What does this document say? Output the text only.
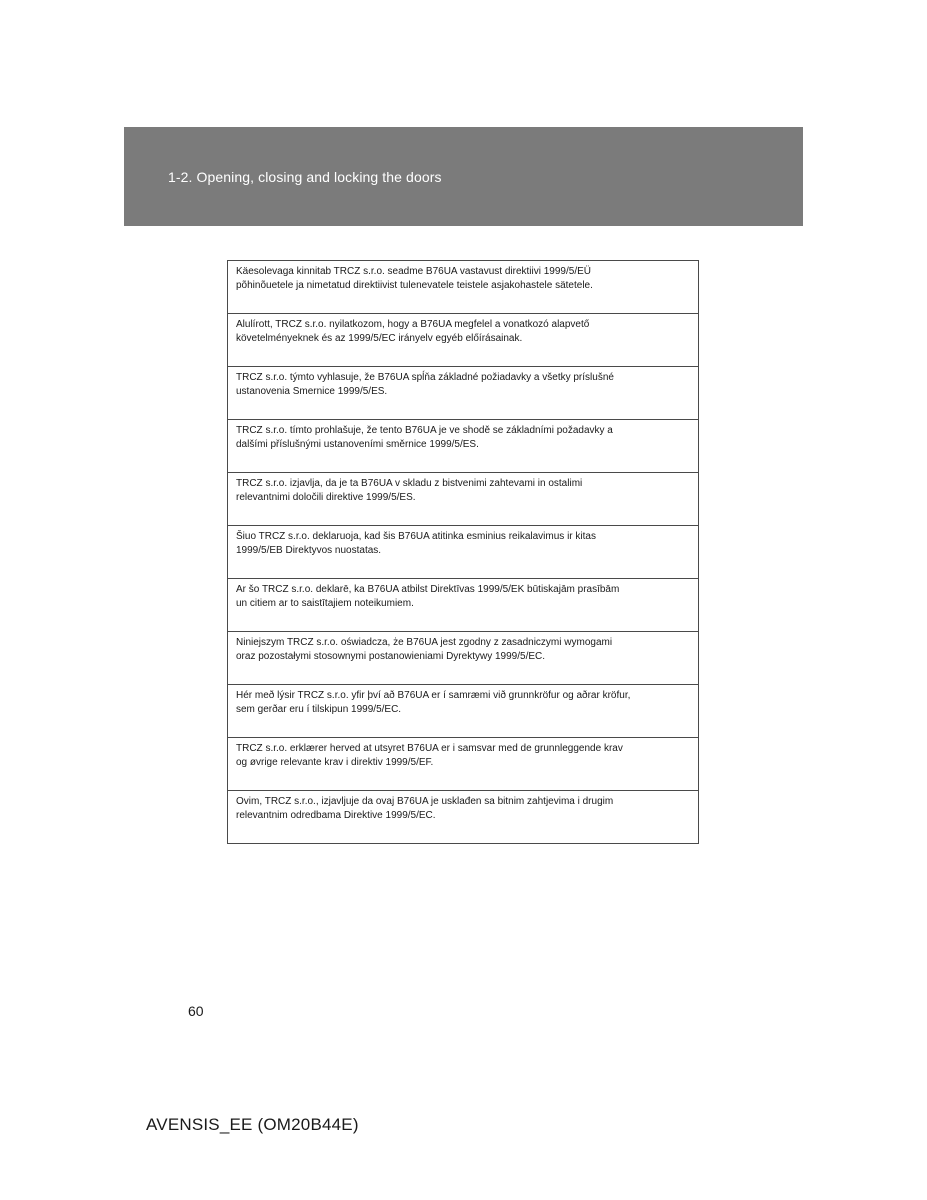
1-2. Opening, closing and locking the doors
Käesolevaga kinnitab TRCZ s.r.o. seadme B76UA vastavust direktiivi 1999/5/EÜ
põhinõuetele ja nimetatud direktiivist tulenevatele teistele asjakohastele sätetele.

Alulírott, TRCZ s.r.o. nyilatkozom, hogy a B76UA megfelel a vonatkozó alapvető
követelményeknek és az 1999/5/EC irányelv egyéb előírásainak.

TRCZ s.r.o. týmto vyhlasuje, že B76UA spĺňa základné požiadavky a všetky príslušné
ustanovenia Smernice 1999/5/ES.

TRCZ s.r.o. tímto prohlašuje, že tento B76UA je ve shodě se základními požadavky a
dalšími příslušnými ustanoveními směrnice 1999/5/ES.

TRCZ s.r.o. izjavlja, da je ta B76UA v skladu z bistvenimi zahtevami in ostalimi
relevantnimi določili direktive 1999/5/ES.

Šiuo TRCZ s.r.o. deklaruoja, kad šis B76UA atitinka esminius reikalavimus ir kitas
1999/5/EB Direktyvos nuostatas.

Ar šo TRCZ s.r.o. deklarē, ka B76UA atbilst Direktīvas 1999/5/EK būtiskajām prasībām
un citiem ar to saistītajiem noteikumiem.

Niniejszym TRCZ s.r.o. oświadcza, że B76UA jest zgodny z zasadniczymi wymogami
oraz pozostałymi stosownymi postanowieniami Dyrektywy 1999/5/EC.

Hér með lýsir TRCZ s.r.o. yfir því að B76UA er í samræmi við grunnkröfur og aðrar kröfur,
sem gerðar eru í tilskipun 1999/5/EC.

TRCZ s.r.o. erklærer herved at utsyret B76UA er i samsvar med de grunnleggende krav
og øvrige relevante krav i direktiv 1999/5/EF.

Ovim, TRCZ s.r.o., izjavljuje da ovaj B76UA je usklađen sa bitnim zahtjevima i drugim
relevantnim odredbama Direktive 1999/5/EC.
60
AVENSIS_EE (OM20B44E)
